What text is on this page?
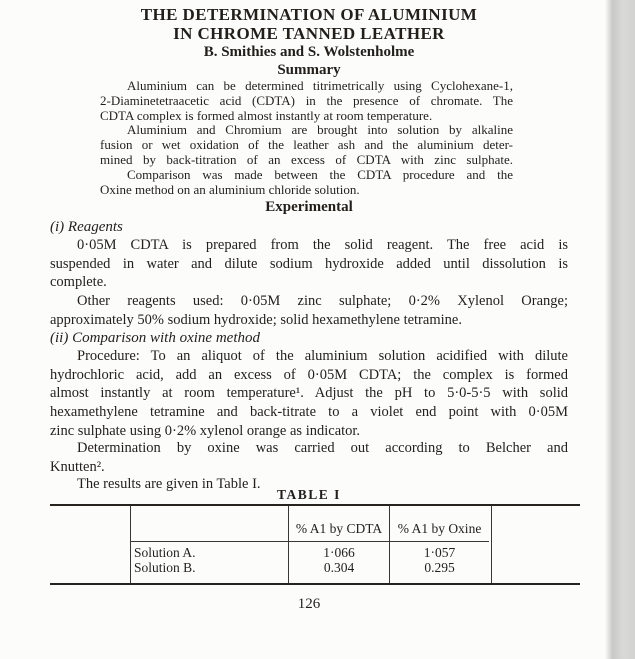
THE DETERMINATION OF ALUMINIUM
IN CHROME TANNED LEATHER
B. Smithies and S. Wolstenholme
Summary
Aluminium can be determined titrimetrically using Cyclohexane-1,
2-Diaminetetraacetic acid (CDTA) in the presence of chromate. The
CDTA complex is formed almost instantly at room temperature.
Aluminium and Chromium are brought into solution by alkaline
fusion or wet oxidation of the leather ash and the aluminium deter-
mined by back-titration of an excess of CDTA with zinc sulphate.
Comparison was made between the CDTA procedure and the
Oxine method on an aluminium chloride solution.
Experimental
(i) Reagents
0·05M CDTA is prepared from the solid reagent. The free acid is
suspended in water and dilute sodium hydroxide added until dissolution is
complete.
Other reagents used: 0·05M zinc sulphate; 0·2% Xylenol Orange;
approximately 50% sodium hydroxide; solid hexamethylene tetramine.
(ii) Comparison with oxine method
Procedure: To an aliquot of the aluminium solution acidified with dilute
hydrochloric acid, add an excess of 0·05M CDTA; the complex is formed
almost instantly at room temperature¹. Adjust the pH to 5·0-5·5 with solid
hexamethylene tetramine and back-titrate to a violet end point with 0·05M
zinc sulphate using 0·2% xylenol orange as indicator.
Determination by oxine was carried out according to Belcher and
Knutten².
The results are given in Table I.
TABLE I
% A1 by CDTA	% A1 by Oxine
Solution A.
Solution B.
1·066
0.304
1·057
0.295
126
